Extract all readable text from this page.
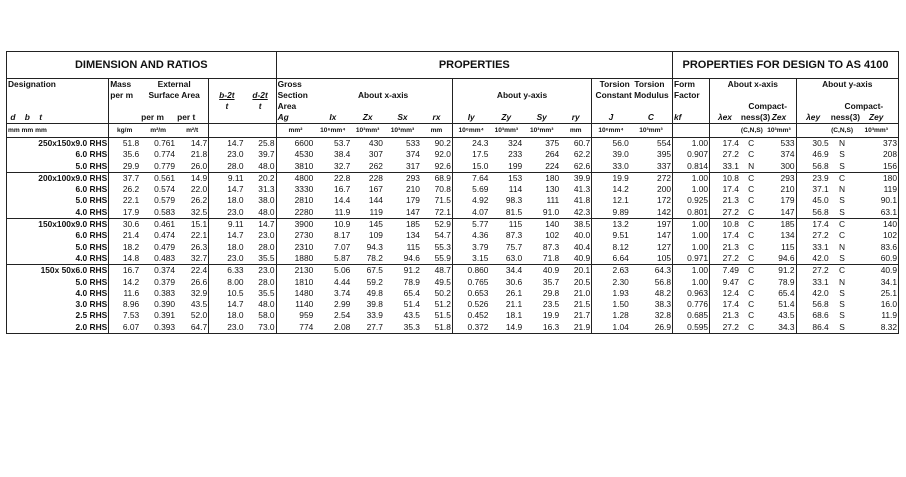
DIMENSION AND RATIOS						PROPERTIES											PROPERTIES FOR DESIGN TO AS 4100						
Designation	Mass	External				Gross									Torsion Torsion		Form	About x-axis			About y-axis		
	per m	Surface Area		b-2t	d-2t	Section	About x-axis				About y-axis				Constant Modulus		Factor						
				t	t	Area													Compact-			Compact-	
d b t		per m	per t			Ag	Ix	Zx	Sx	rx	Iy	Zy	Sy	ry	J	C	kf	λex	ness(3)	Zex	λey	ness(3)	Zey
mm mm mm	kg/m	m²/m	m²/t			mm²	10⁶mm⁴	10³mm³	10³mm³	mm	10⁶mm⁴	10³mm³	10³mm³	mm	10⁶mm⁴	10³mm³			(C,N,S)	10³mm³		(C,N,S)	10³mm³
250x150x9.0 RHS	51.8	0.761	14.7	14.7	25.8	6600	53.7	430	533	90.2	24.3	324	375	60.7	56.0	554	1.00	17.4	C	533	30.5	N	373
6.0 RHS	35.6	0.774	21.8	23.0	39.7	4530	38.4	307	374	92.0	17.5	233	264	62.2	39.0	395	0.907	27.2	C	374	46.9	S	208
5.0 RHS	29.9	0.779	26.0	28.0	48.0	3810	32.7	262	317	92.6	15.0	199	224	62.6	33.0	337	0.814	33.1	N	300	56.8	S	156
200x100x9.0 RHS	37.7	0.561	14.9	9.11	20.2	4800	22.8	228	293	68.9	7.64	153	180	39.9	19.9	272	1.00	10.8	C	293	23.9	C	180
6.0 RHS	26.2	0.574	22.0	14.7	31.3	3330	16.7	167	210	70.8	5.69	114	130	41.3	14.2	200	1.00	17.4	C	210	37.1	N	119
5.0 RHS	22.1	0.579	26.2	18.0	38.0	2810	14.4	144	179	71.5	4.92	98.3	111	41.8	12.1	172	0.925	21.3	C	179	45.0	S	90.1
4.0 RHS	17.9	0.583	32.5	23.0	48.0	2280	11.9	119	147	72.1	4.07	81.5	91.0	42.3	9.89	142	0.801	27.2	C	147	56.8	S	63.1
150x100x9.0 RHS	30.6	0.461	15.1	9.11	14.7	3900	10.9	145	185	52.9	5.77	115	140	38.5	13.2	197	1.00	10.8	C	185	17.4	C	140
6.0 RHS	21.4	0.474	22.1	14.7	23.0	2730	8.17	109	134	54.7	4.36	87.3	102	40.0	9.51	147	1.00	17.4	C	134	27.2	C	102
5.0 RHS	18.2	0.479	26.3	18.0	28.0	2310	7.07	94.3	115	55.3	3.79	75.7	87.3	40.4	8.12	127	1.00	21.3	C	115	33.1	N	83.6
4.0 RHS	14.8	0.483	32.7	23.0	35.5	1880	5.87	78.2	94.6	55.9	3.15	63.0	71.8	40.9	6.64	105	0.971	27.2	C	94.6	42.0	S	60.9
150x 50x6.0 RHS	16.7	0.374	22.4	6.33	23.0	2130	5.06	67.5	91.2	48.7	0.860	34.4	40.9	20.1	2.63	64.3	1.00	7.49	C	91.2	27.2	C	40.9
5.0 RHS	14.2	0.379	26.6	8.00	28.0	1810	4.44	59.2	78.9	49.5	0.765	30.6	35.7	20.5	2.30	56.8	1.00	9.47	C	78.9	33.1	N	34.1
4.0 RHS	11.6	0.383	32.9	10.5	35.5	1480	3.74	49.8	65.4	50.2	0.653	26.1	29.8	21.0	1.93	48.2	0.963	12.4	C	65.4	42.0	S	25.1
3.0 RHS	8.96	0.390	43.5	14.7	48.0	1140	2.99	39.8	51.4	51.2	0.526	21.1	23.5	21.5	1.50	38.3	0.776	17.4	C	51.4	56.8	S	16.0
2.5 RHS	7.53	0.391	52.0	18.0	58.0	959	2.54	33.9	43.5	51.5	0.452	18.1	19.9	21.7	1.28	32.8	0.685	21.3	C	43.5	68.6	S	11.9
2.0 RHS	6.07	0.393	64.7	23.0	73.0	774	2.08	27.7	35.3	51.8	0.372	14.9	16.3	21.9	1.04	26.9	0.595	27.2	C	34.3	86.4	S	8.32
